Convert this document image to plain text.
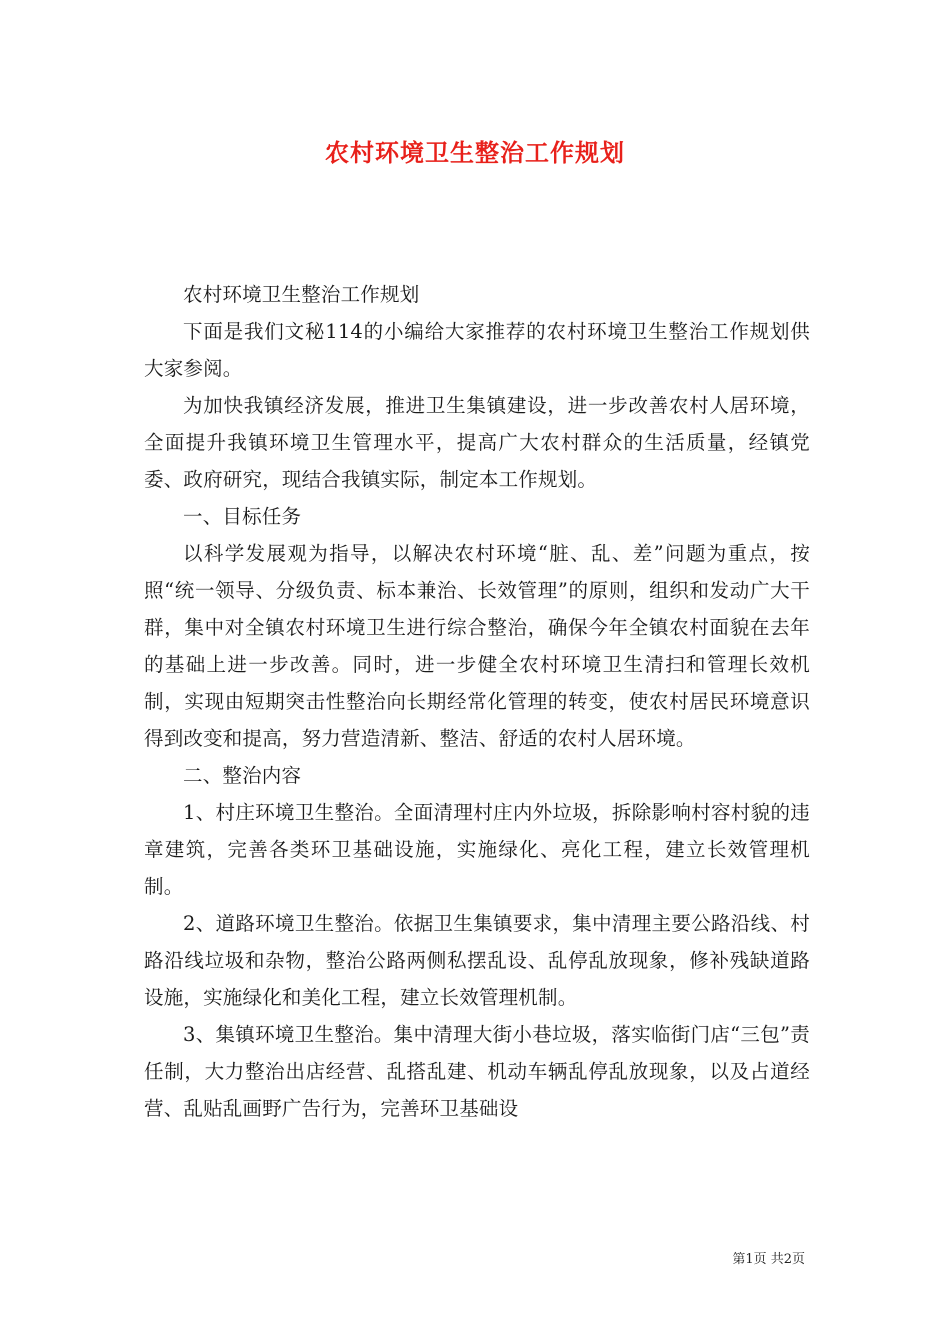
农村环境卫生整治工作规划

农村环境卫生整治工作规划

下面是我们文秘114的小编给大家推荐的农村环境卫生整治工作规划供大家参阅。

为加快我镇经济发展，推进卫生集镇建设，进一步改善农村人居环境，全面提升我镇环境卫生管理水平，提高广大农村群众的生活质量，经镇党委、政府研究，现结合我镇实际，制定本工作规划。

一、目标任务

以科学发展观为指导，以解决农村环境“脏、乱、差”问题为重点，按照“统一领导、分级负责、标本兼治、长效管理”的原则，组织和发动广大干群，集中对全镇农村环境卫生进行综合整治，确保今年全镇农村面貌在去年的基础上进一步改善。同时，进一步健全农村环境卫生清扫和管理长效机制，实现由短期突击性整治向长期经常化管理的转变，使农村居民环境意识得到改变和提高，努力营造清新、整洁、舒适的农村人居环境。

二、整治内容

1、村庄环境卫生整治。全面清理村庄内外垃圾，拆除影响村容村貌的违章建筑，完善各类环卫基础设施，实施绿化、亮化工程，建立长效管理机制。

2、道路环境卫生整治。依据卫生集镇要求，集中清理主要公路沿线、村路沿线垃圾和杂物，整治公路两侧私摆乱设、乱停乱放现象，修补残缺道路设施，实施绿化和美化工程，建立长效管理机制。

3、集镇环境卫生整治。集中清理大街小巷垃圾，落实临街门店“三包”责任制，大力整治出店经营、乱搭乱建、机动车辆乱停乱放现象，以及占道经营、乱贴乱画野广告行为，完善环卫基础设

第1页 共2页
